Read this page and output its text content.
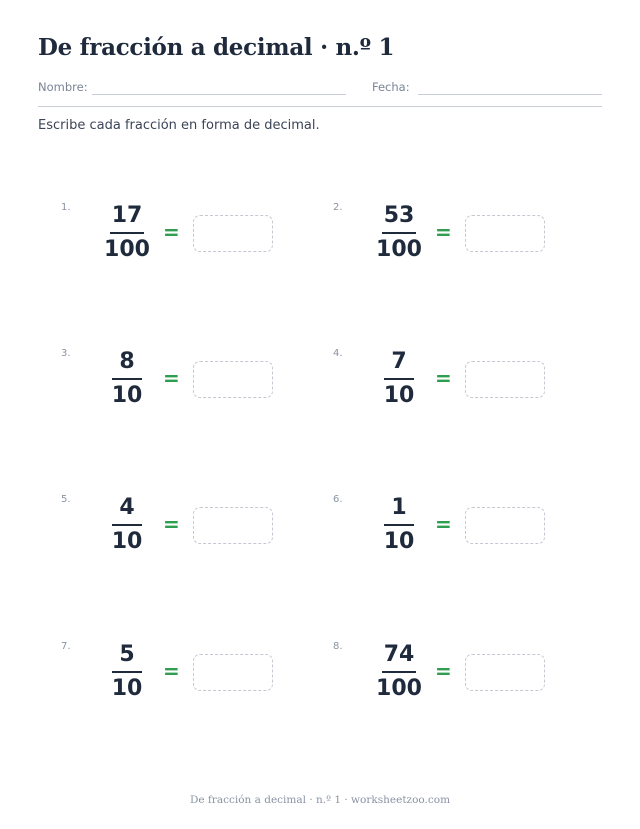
De fracción a decimal · n.º 1
Nombre:	Fecha:
Escribe cada fracción en forma de decimal.
1.	17
100
=
2.	53
100
=
3.	8
10
=
4.	7
10
=
5.	4
10
=
6.	1
10
=
7.	5
10
=
8.	74
100
=
De fracción a decimal · n.º 1 · worksheetzoo.com
